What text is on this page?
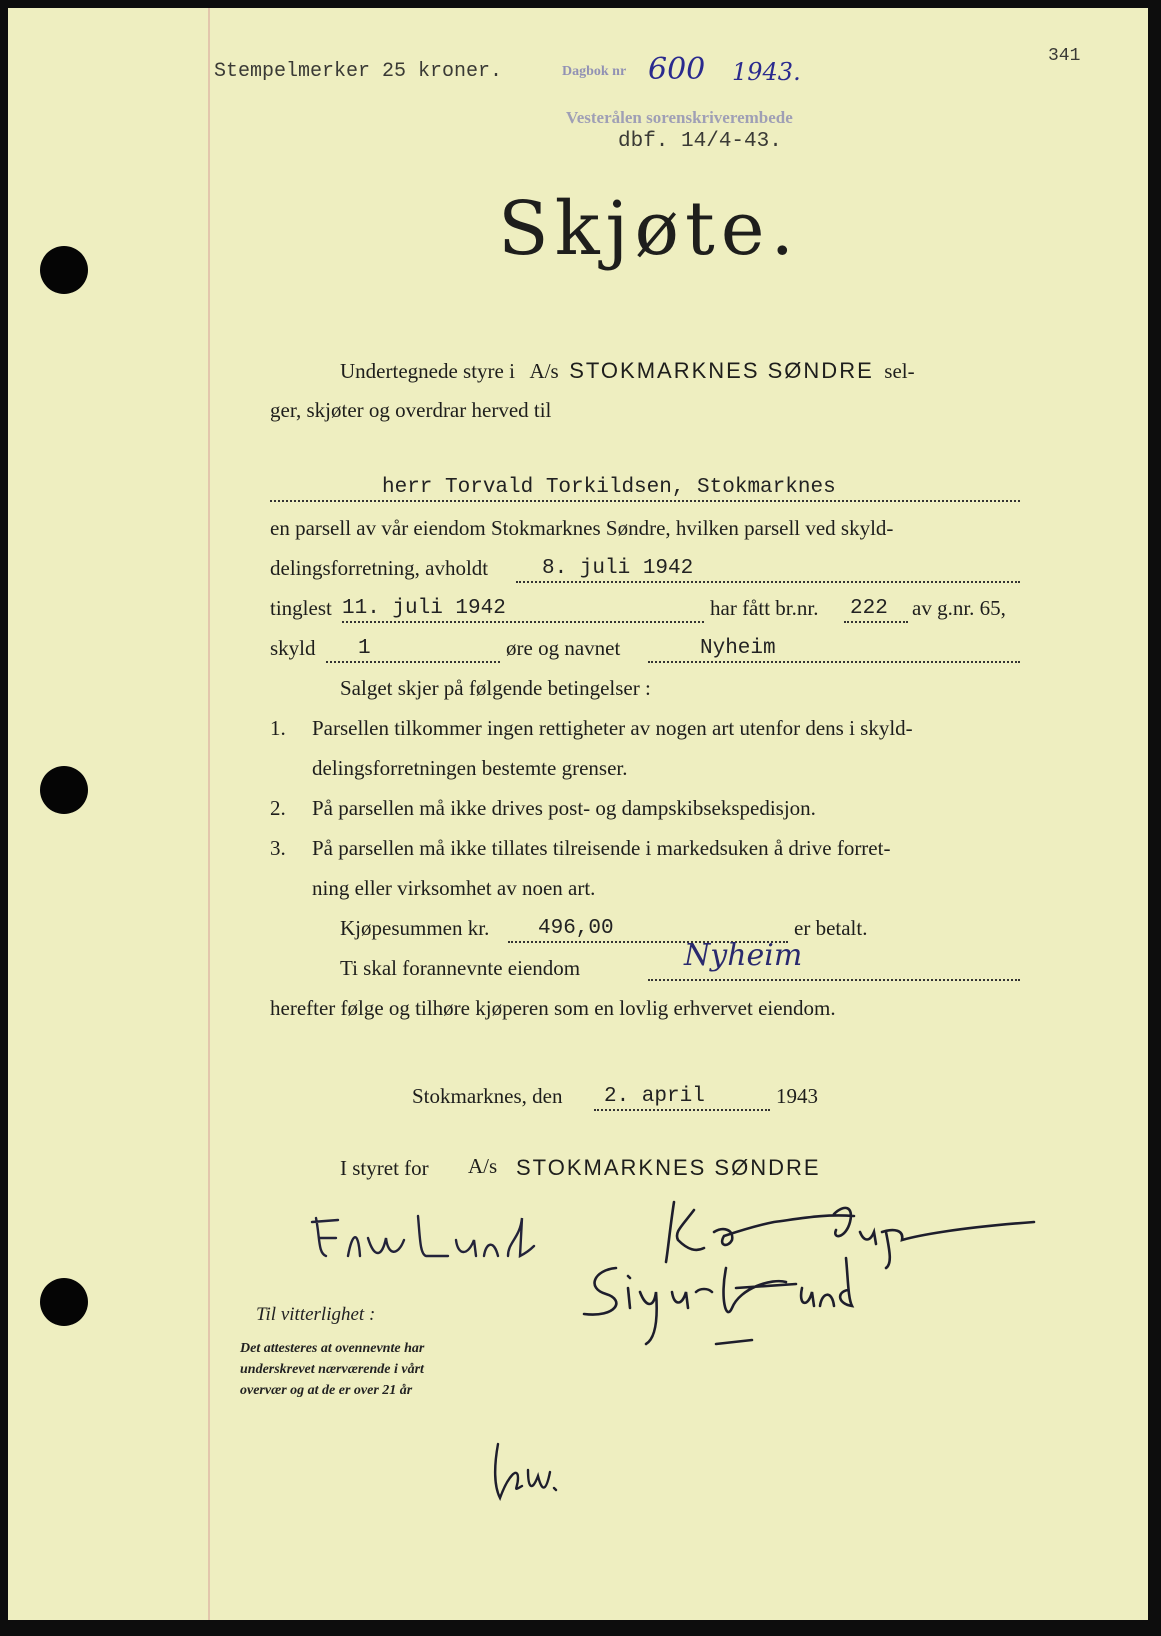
Stempelmerker 25 kroner.
341
Dagbok nr 600 1943.
Vesterålen sorenskriverembede
dbf. 14/4-43.
Skjøte.
Undertegnede styre i A/s STOKMARKNES SØNDRE sel-
ger, skjøter og overdrar herved til
herr Torvald Torkildsen, Stokmarknes
en parsell av vår eiendom Stokmarknes Søndre, hvilken parsell ved skyld-
delingsforretning, avholdt	8. juli 1942
tinglest 11. juli 1942	har fått br.nr. 222 av g.nr. 65,
skyld 1	øre og navnet	Nyheim
Salget skjer på følgende betingelser :
1. Parsellen tilkommer ingen rettigheter av nogen art utenfor dens i skyld-
delingsforretningen bestemte grenser.
2. På parsellen må ikke drives post- og dampskibsekspedisjon.
3. På parsellen må ikke tillates tilreisende i markedsuken å drive forret-
ning eller virksomhet av noen art.
Kjøpesummen kr. 496,00	er betalt.
Ti skal forannevnte eiendom	Nyheim
herefter følge og tilhøre kjøperen som en lovlig erhvervet eiendom.
Stokmarknes, den 2. april	1943
I styret for A/s STOKMARKNES SØNDRE
Til vitterlighet :
Det attesteres at ovennevnte har
underskrevet nærværende i vårt
overvær og at de er over 21 år
